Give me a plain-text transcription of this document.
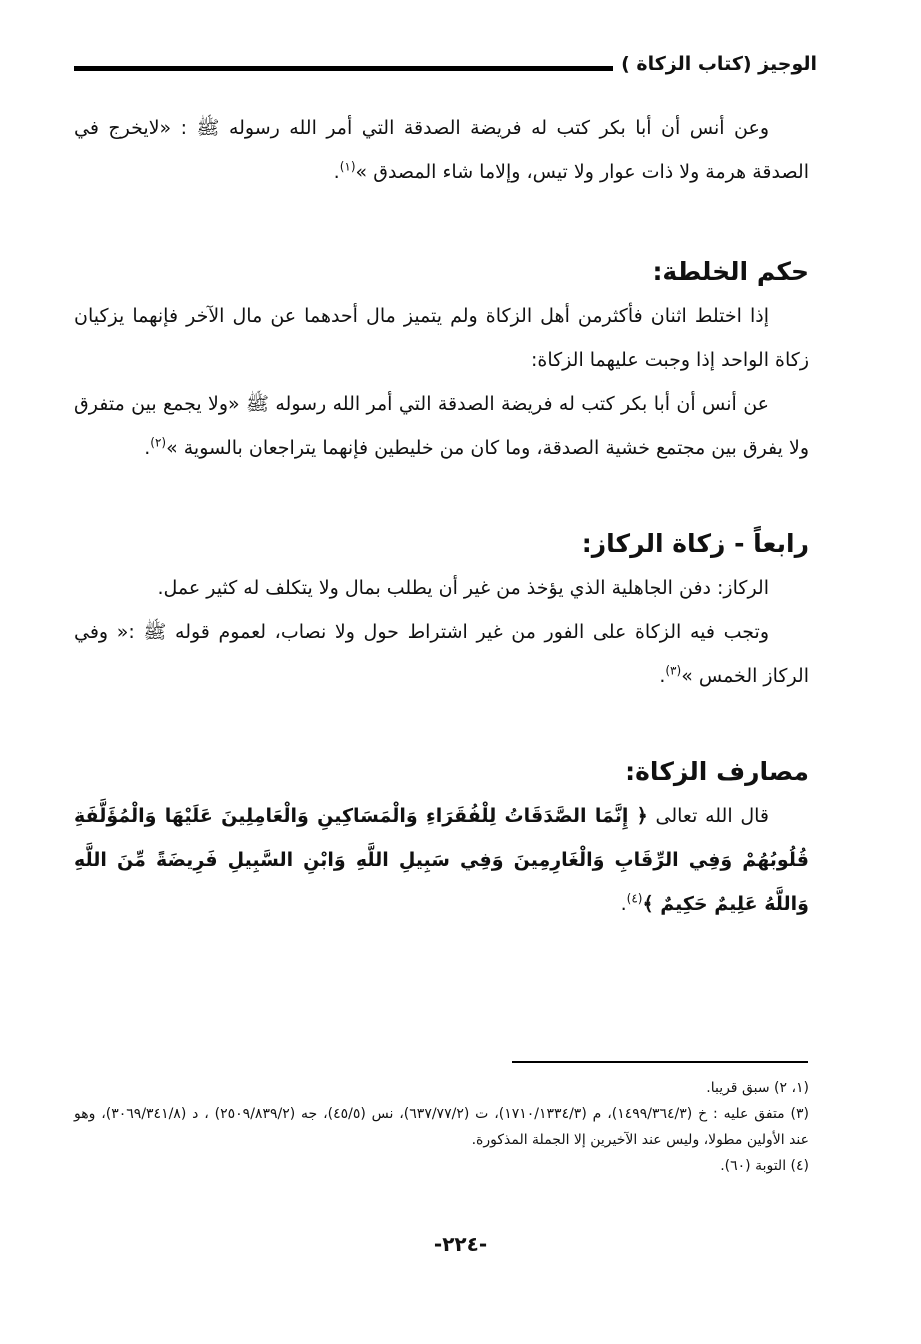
الوجيز (كتاب الزكاة )

وعن أنس أن أبا بكر كتب له فريضة الصدقة التي أمر الله رسوله ﷺ : «لايخرج في الصدقة هرمة ولا ذات عوار ولا تيس، وإلاما شاء المصدق »$^{(١)}$.

حكم الخلطة:

إذا اختلط اثنان فأكثرمن أهل الزكاة ولم يتميز مال أحدهما عن مال الآخر فإنهما يزكيان زكاة الواحد إذا وجبت عليهما الزكاة:

عن أنس أن أبا بكر كتب له فريضة الصدقة التي أمر الله رسوله ﷺ «ولا يجمع بين متفرق ولا يفرق بين مجتمع خشية الصدقة، وما كان من خليطين فإنهما يتراجعان بالسوية »$^{(٢)}$.

رابعاً - زكاة الركاز:

الركاز: دفن الجاهلية الذي يؤخذ من غير أن يطلب بمال ولا يتكلف له كثير عمل.

وتجب فيه الزكاة على الفور من غير اشتراط حول ولا نصاب، لعموم قوله ﷺ :« وفي الركاز الخمس »$^{(٣)}$.

مصارف الزكاة:

قال الله تعالى ﴿ إِنَّمَا الصَّدَقَاتُ لِلْفُقَرَاءِ وَالْمَسَاكِينِ وَالْعَامِلِينَ عَلَيْهَا وَالْمُؤَلَّفَةِ قُلُوبُهُمْ وَفِي الرِّقَابِ وَالْغَارِمِينَ وَفِي سَبِيلِ اللَّهِ وَابْنِ السَّبِيلِ فَرِيضَةً مِّنَ اللَّهِ وَاللَّهُ عَلِيمٌ حَكِيمٌ ﴾$^{(٤)}$.

(١، ٢) سبق قريبا.

(٣) متفق عليه : خ (١٤٩٩/٣٦٤/٣)، م (١٧١٠/١٣٣٤/٣)، ت (٦٣٧/٧٧/٢)، نس (٤٥/٥)، جه (٢٥٠٩/٨٣٩/٢) ، د (٣٠٦٩/٣٤١/٨)، وهو عند الأولين مطولا، وليس عند الآخيرين إلا الجملة المذكورة.

(٤) التوبة (٦٠).

-٢٢٤-
